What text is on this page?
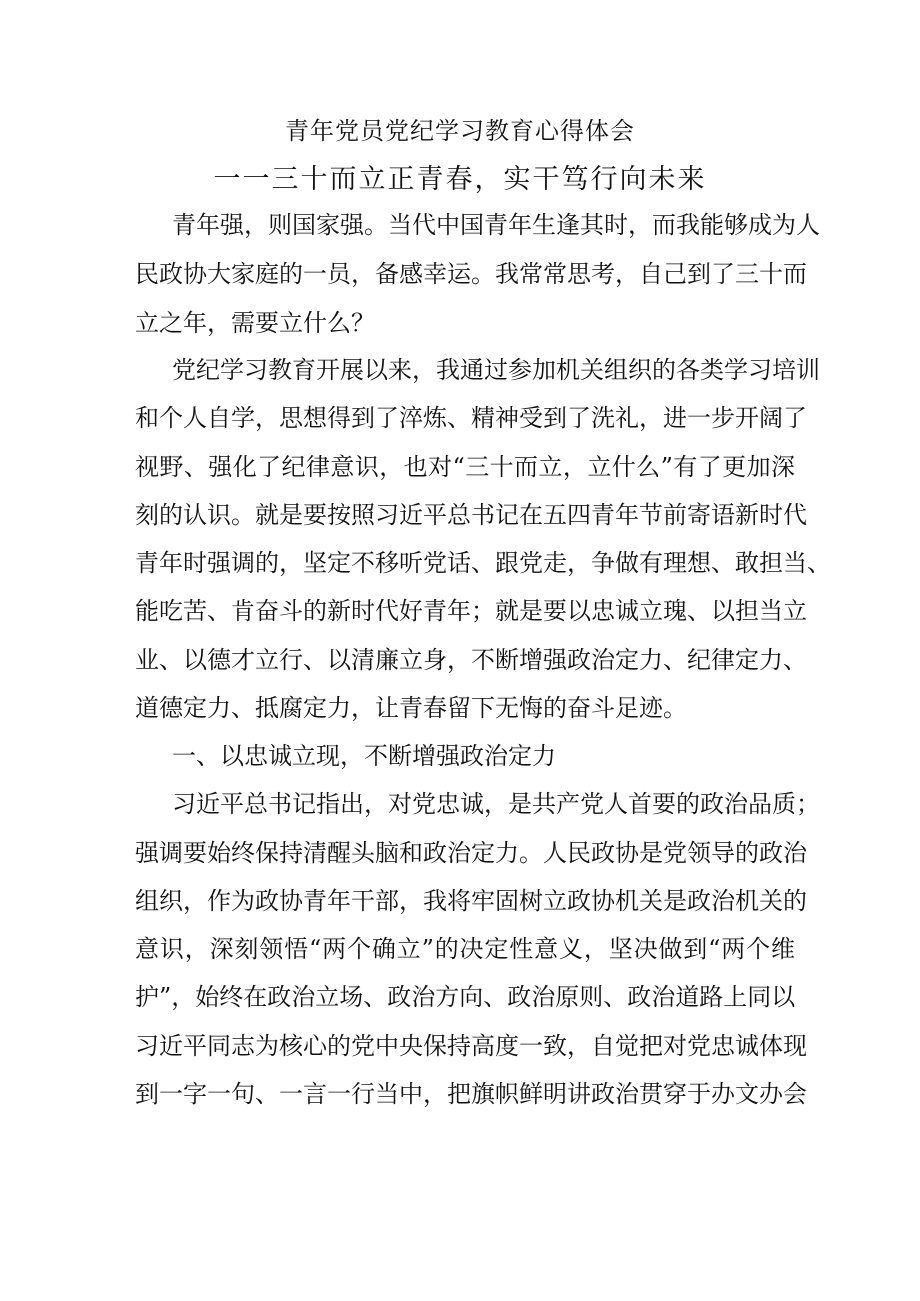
青年党员党纪学习教育心得体会
一一三十而立正青春，实干笃行向未来
青年强，则国家强。当代中国青年生逢其时，而我能够成为人
民政协大家庭的一员，备感幸运。我常常思考，自己到了三十而
立之年，需要立什么？
党纪学习教育开展以来，我通过参加机关组织的各类学习培训
和个人自学，思想得到了淬炼、精神受到了洗礼，进一步开阔了
视野、强化了纪律意识，也对“三十而立，立什么”有了更加深
刻的认识。就是要按照习近平总书记在五四青年节前寄语新时代
青年时强调的，坚定不移听党话、跟党走，争做有理想、敢担当、
能吃苦、肯奋斗的新时代好青年；就是要以忠诚立瑰、以担当立
业、以德才立行、以清廉立身，不断增强政治定力、纪律定力、
道德定力、抵腐定力，让青春留下无悔的奋斗足迹。
一、以忠诚立现，不断增强政治定力
习近平总书记指出，对党忠诚，是共产党人首要的政治品质；
强调要始终保持清醒头脑和政治定力。人民政协是党领导的政治
组织，作为政协青年干部，我将牢固树立政协机关是政治机关的
意识，深刻领悟“两个确立”的决定性意义，坚决做到“两个维
护”，始终在政治立场、政治方向、政治原则、政治道路上同以
习近平同志为核心的党中央保持高度一致，自觉把对党忠诚体现
到一字一句、一言一行当中，把旗帜鲜明讲政治贯穿于办文办会
